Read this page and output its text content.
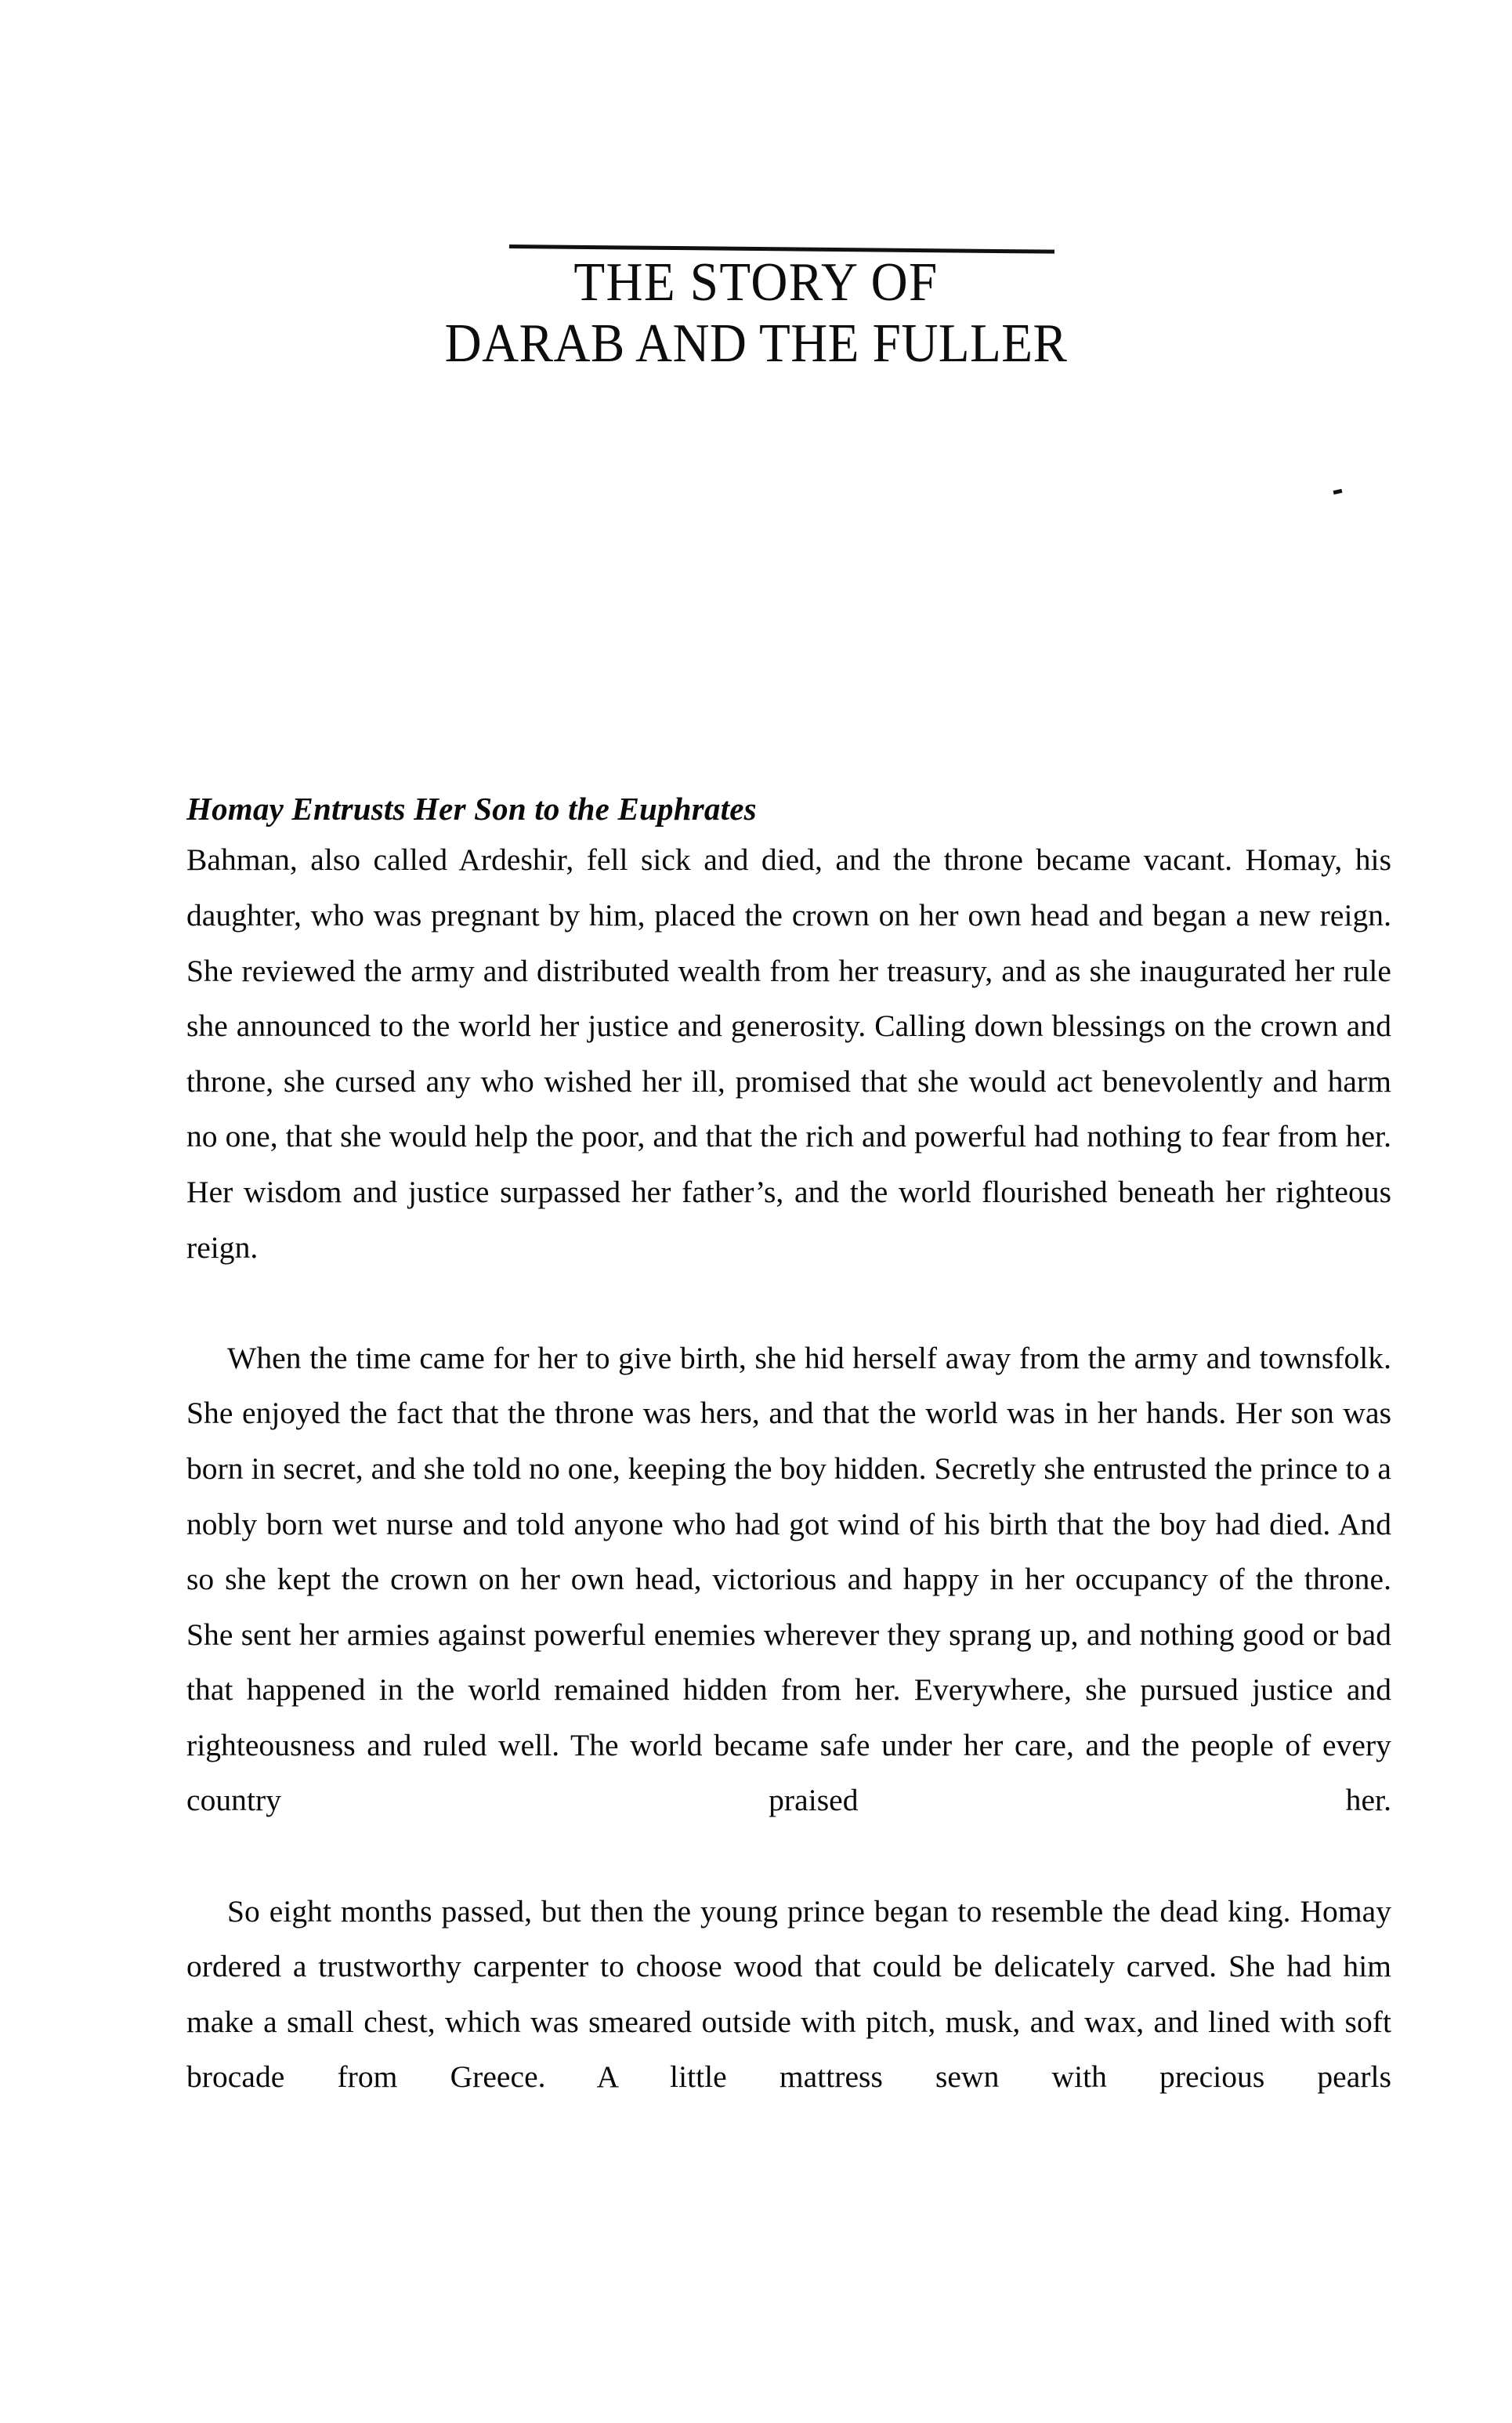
THE STORY OF
DARAB AND THE FULLER
Homay Entrusts Her Son to the Euphrates

Bahman, also called Ardeshir, fell sick and died, and the throne became vacant. Homay, his daughter, who was pregnant by him, placed the crown on her own head and began a new reign. She reviewed the army and distributed wealth from her treasury, and as she inaugurated her rule she announced to the world her justice and generosity. Calling down blessings on the crown and throne, she cursed any who wished her ill, promised that she would act benevolently and harm no one, that she would help the poor, and that the rich and powerful had nothing to fear from her. Her wisdom and justice surpassed her father’s, and the world flourished beneath her righteous reign.

When the time came for her to give birth, she hid herself away from the army and townsfolk. She enjoyed the fact that the throne was hers, and that the world was in her hands. Her son was born in secret, and she told no one, keeping the boy hidden. Secretly she entrusted the prince to a nobly born wet nurse and told anyone who had got wind of his birth that the boy had died. And so she kept the crown on her own head, victorious and happy in her occupancy of the throne. She sent her armies against powerful enemies wherever they sprang up, and nothing good or bad that happened in the world remained hidden from her. Everywhere, she pursued justice and righteousness and ruled well. The world became safe under her care, and the people of every country praised her.

So eight months passed, but then the young prince began to resemble the dead king. Homay ordered a trustworthy carpenter to choose wood that could be delicately carved. She had him make a small chest, which was smeared outside with pitch, musk, and wax, and lined with soft brocade from Greece. A little mattress sewn with precious pearls
